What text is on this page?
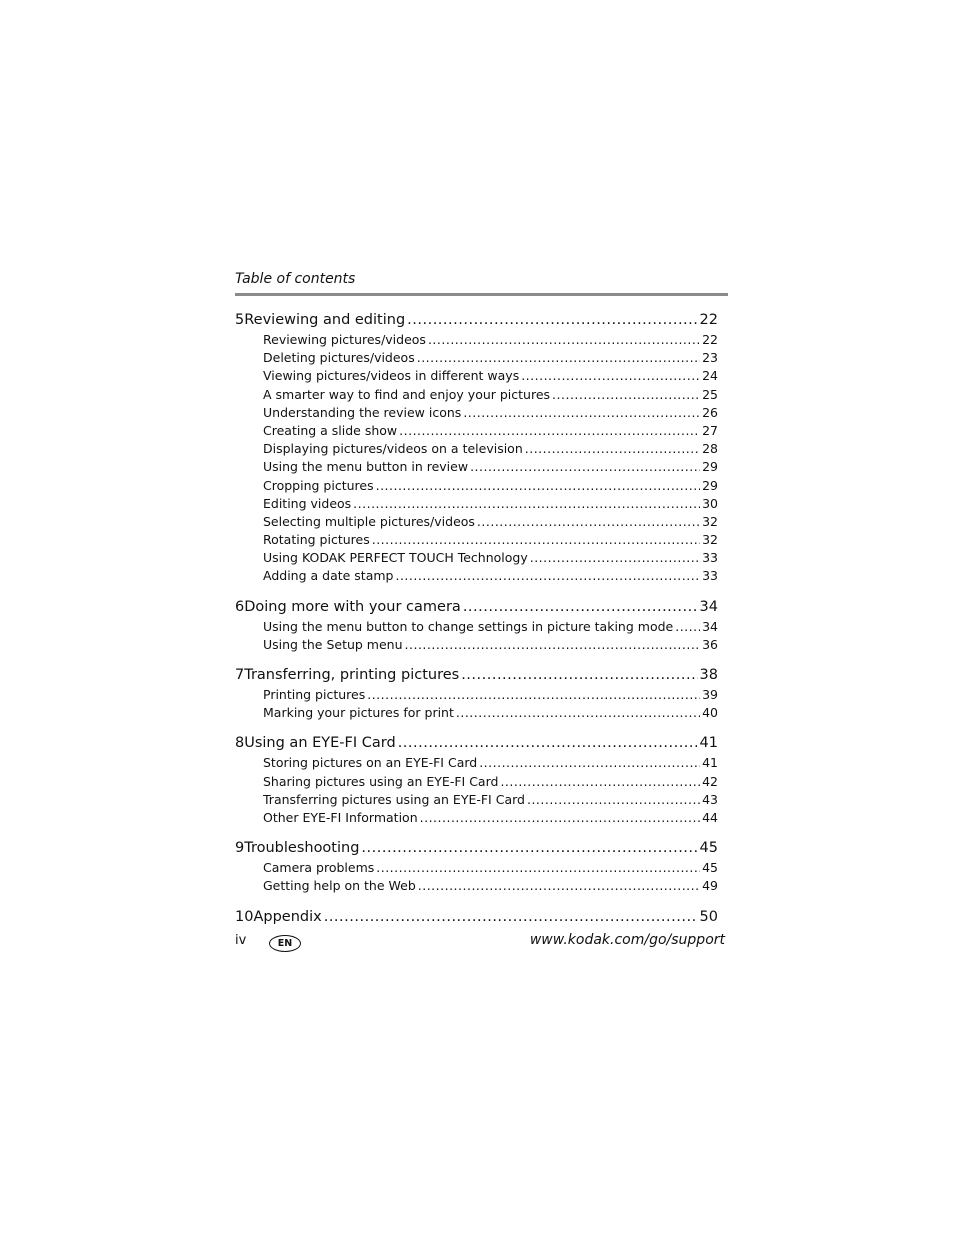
Table of contents
5 Reviewing and editing .....	22
Reviewing pictures/videos .....	22
Deleting pictures/videos .....	23
Viewing pictures/videos in different ways .....	24
A smarter way to find and enjoy your pictures .....	25
Understanding the review icons .....	26
Creating a slide show .....	27
Displaying pictures/videos on a television .....	28
Using the menu button in review .....	29
Cropping pictures .....	29
Editing videos .....	30
Selecting multiple pictures/videos .....	32
Rotating pictures .....	32
Using KODAK PERFECT TOUCH Technology .....	33
Adding a date stamp .....	33
6 Doing more with your camera .....	34
Using the menu button to change settings in picture taking mode ..... 34
Using the Setup menu .....	36
7 Transferring, printing pictures .....	38
Printing pictures .....	39
Marking your pictures for print .....	40
8 Using an EYE-FI Card .....	41
Storing pictures on an EYE-FI Card .....	41
Sharing pictures using an EYE-FI Card .....	42
Transferring pictures using an EYE-FI Card .....	43
Other EYE-FI Information .....	44
9 Troubleshooting .....	45
Camera problems .....	45
Getting help on the Web .....	49
10 Appendix .....	50
iv	EN	www.kodak.com/go/support
